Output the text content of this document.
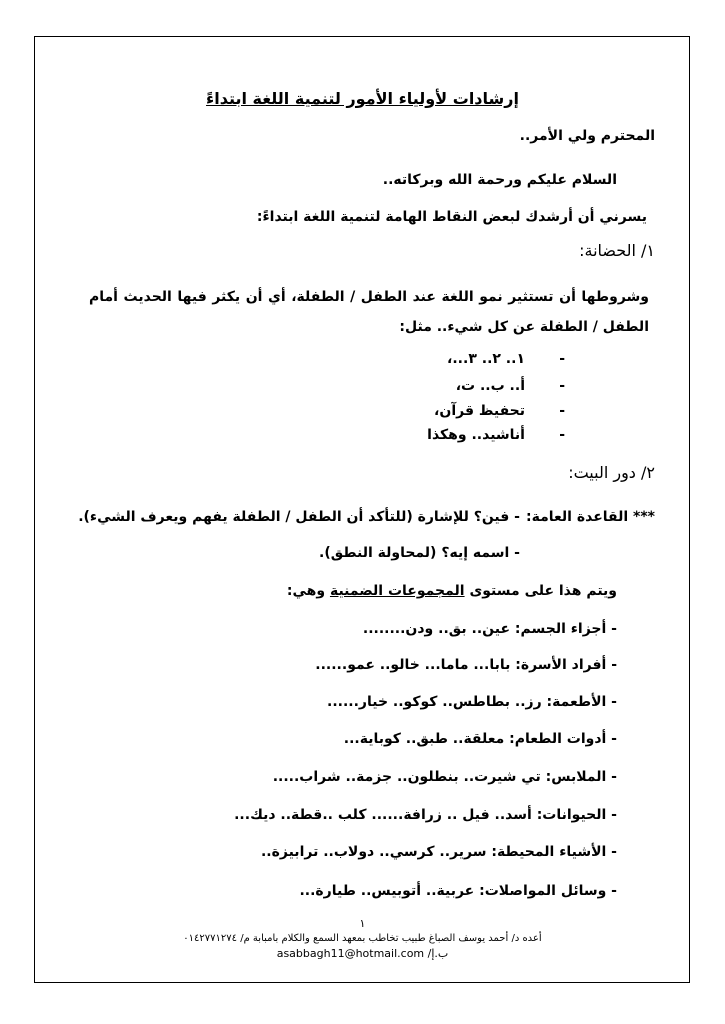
إرشادات لأولياء الأمور لتنمية اللغة ابتداءً
المحترم ولي الأمر..
السلام عليكم ورحمة الله وبركاته..
يسرني أن أرشدك لبعض النقاط الهامة لتنمية اللغة ابتداءً:
١/ الحضانة:
وشروطها أن تستثير نمو اللغة عند الطفل / الطفلة، أي أن يكثر فيها الحديث أمام الطفل / الطفلة عن كل شيء.. مثل:
١.. ٢.. ٣...، -
أ.. ب.. ت، -
تحفيظ قرآن، -
أناشيد.. وهكذا -
٢/ دور البيت:
*** القاعدة العامة:
- فين؟ للإشارة (للتأكد أن الطفل / الطفلة يفهم ويعرف الشيء).
- اسمه إيه؟ (لمحاولة النطق).
ويتم هذا على مستوى المجموعات الضمنية وهي:
- أجزاء الجسم: عين.. بق.. ودن........
- أفراد الأسرة: بابا... ماما... خالو.. عمو......
- الأطعمة: رز.. بطاطس.. كوكو.. خيار......
- أدوات الطعام: معلقة.. طبق.. كوباية...
- الملابس: تي شيرت.. بنطلون.. جزمة.. شراب.....
- الحيوانات: أسد.. فيل .. زرافة...... كلب ..قطة.. ديك...
- الأشياء المحيطة: سرير.. كرسي.. دولاب.. ترابيزة..
- وسائل المواصلات: عربية.. أتوبيس.. طيارة...
١
أعده د/ أحمد يوسف الصباغ طبيب تخاطب بمعهد السمع والكلام بامبابة م/ ٠١٤٢٧٧١٢٧٤
ب.إ/ asabbagh11@hotmail.com
